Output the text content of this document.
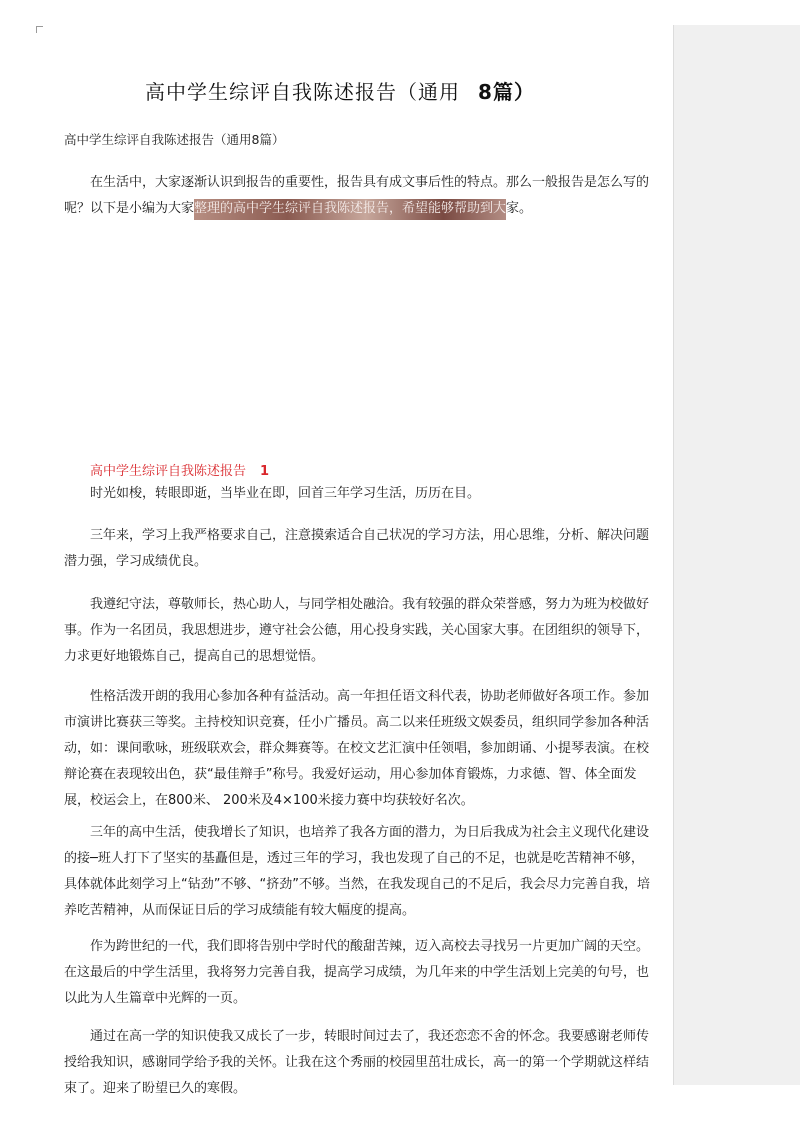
高中学生综评自我陈述报告（通用 8篇）
高中学生综评自我陈述报告（通用8篇）

在生活中，大家逐渐认识到报告的重要性，报告具有成文事后性的特点。那么一般报告是怎么写的呢？以下是小编为大家整理的高中学生综评自我陈述报告，希望能够帮助到大家。

高中学生综评自我陈述报告 1

时光如梭，转眼即逝，当毕业在即，回首三年学习生活，历历在目。

三年来，学习上我严格要求自己，注意摸索适合自己状况的学习方法，用心思维，分析、解决问题潜力强，学习成绩优良。

我遵纪守法，尊敬师长，热心助人，与同学相处融洽。我有较强的群众荣誉感，努力为班为校做好事。作为一名团员，我思想进步，遵守社会公德，用心投身实践，关心国家大事。在团组织的领导下，力求更好地锻炼自己，提高自己的思想觉悟。

性格活泼开朗的我用心参加各种有益活动。高一年担任语文科代表，协助老师做好各项工作。参加市演讲比赛获三等奖。主持校知识竞赛，任小广播员。高二以来任班级文娱委员，组织同学参加各种活动，如：课间歌咏，班级联欢会，群众舞赛等。在校文艺汇演中任领唱，参加朗诵、小提琴表演。在校辩论赛在表现较出色，获“最佳辩手”称号。我爱好运动，用心参加体育锻炼，力求德、智、体全面发展，校运会上，在800米、 200米及4×100米接力赛中均获较好名次。

三年的高中生活，使我增长了知识，也培养了我各方面的潜力，为日后我成为社会主义现代化建设的接─班人打下了坚实的基矗但是，透过三年的学习，我也发现了自己的不足，也就是吃苦精神不够，具体就体此刻学习上“钻劲”不够、“挤劲”不够。当然，在我发现自己的不足后，我会尽力完善自我，培养吃苦精神，从而保证日后的学习成绩能有较大幅度的提高。

作为跨世纪的一代，我们即将告别中学时代的酸甜苦辣，迈入高校去寻找另一片更加广阔的天空。在这最后的中学生活里，我将努力完善自我，提高学习成绩，为几年来的中学生活划上完美的句号，也以此为人生篇章中光辉的一页。

通过在高一学的知识使我又成长了一步，转眼时间过去了，我还恋恋不舍的怀念。我要感谢老师传授给我知识，感谢同学给予我的关怀。让我在这个秀丽的校园里茁壮成长，高一的第一个学期就这样结束了。迎来了盼望已久的寒假。
